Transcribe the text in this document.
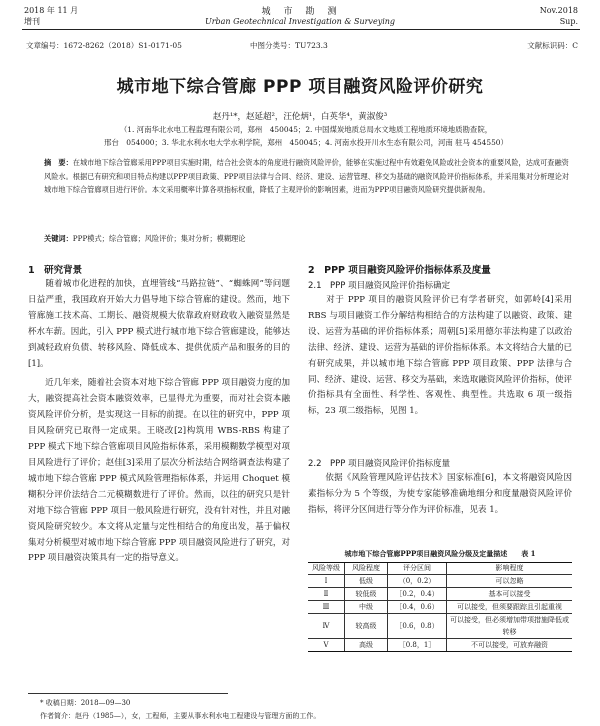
2018 年 11 月
增刊
城　市　勘　测
Urban Geotechnical Investigation & Surveying
Nov.2018
Sup.
文章编号：1672-8262（2018）S1-0171-05	中图分类号：TU723.3	文献标识码：C
城市地下综合管廊 PPP 项目融资风险评价研究
赵丹¹*，赵延超²，汪伦炳¹，白英华⁴，黄淑俊³
（1. 河南华北水电工程监理有限公司，郑州　450045；2. 中国煤炭地质总局水文地质工程地质环境地质勘查院，
邢台　054000；3. 华北水利水电大学水利学院，郑州　450045；4. 河南水投开川水生态有限公司，河南 驻马 454550）
摘　要：在城市地下综合管廊采用PPP项目实施时期，结合社会资本的角度进行融资风险评价，能够在实施过程中有效避免风险或社会资本的重要风险，达成可查融资风险水。根据已有研究和项目特点构建以PPP项目政策、PPP项目法律与合同、经济、建设、运营管理、移交为基础的融资风险评价指标体系，并采用集对分析理论对城市地下综合管廊项目进行评价。本文采用概率计算各项指标权重，降低了主观评价的影响因素，进而为PPP项目融资风险研究提供新视角。
关键词：PPP模式；综合管廊；风险评价；集对分析；模糊理论
1　研究背景

　　随着城市化进程的加快，直埋管线“马路拉链”、“蜘蛛网”等问题日益严重，我国政府开始大力倡导地下综合管廊的建设。然而，地下管廊施工技术高、工期长、融资规模大依靠政府财政收入融资显然是杯水车薪。因此，引入 PPP 模式进行城市地下综合管廊建设，能够达到减轻政府负债、转移风险、降低成本、提供优质产品和服务的目的[1]。

　　近几年来，随着社会资本对地下综合管廊 PPP 项目融资力度的加大，融资提高社会资本融资效率，已显得尤为重要，而对社会资本融资风险评价分析，是实现这一目标的前提。在以往的研究中，PPP 项目风险研究已取得一定成果。王晓改[2]构筑用 WBS-RBS 构建了 PPP 模式下地下综合管廊项目风险指标体系，采用模糊数学模型对项目风险进行了评价；赵佳[3]采用了层次分析法结合网络调查法构建了城市地下综合管廊 PPP 模式风险管理指标体系，并运用 Choquet 模糊积分评价法结合二元模糊数进行了评价。然而，以往的研究只是针对地下综合管廊 PPP 项目一般风险进行研究，没有针对性，并且对融资风险研究较少。本文将从定量与定性相结合的角度出发，基于偏权集对分析模型对城市地下综合管廊 PPP 项目融资风险进行了研究，对 PPP 项目融资决策具有一定的指导意义。

2　PPP 项目融资风险评价指标体系及度量
2.1　PPP 项目融资风险评价指标确定
　　对于 PPP 项目的融资风险评价已有学者研究，如郭岭[4]采用 RBS 与项目融资工作分解结构相结合的方法构建了以融资、政策、建设、运营为基础的评价指标体系；周朝[5]采用德尔菲法构建了以政治法律、经济、建设、运营为基础的评价指标体系。本文将结合大量的已有研究成果，并以城市地下综合管廊 PPP 项目政策、PPP 法律与合同、经济、建设、运营、移交为基础，来选取融资风险评价指标，使评价指标具有全面性、科学性、客观性、典型性。共选取 6 项一级指标，23 项二级指标，见图 1。
2.2　PPP 项目融资风险评价指标度量
　　依据《风险管理风险评估技术》国家标准[6]，本文将融资风险因素指标分为 5 个等级，为使专家能够准确地细分和度量融资风险评价指标，将评分区间进行等分作为评价标准，见表 1。
城市地下综合管廊PPP项目融资风险分级及定量描述　　表 1
风险等级	风险程度	评分区间	影响程度
Ⅰ	低级	（0，0.2）	可以忽略
Ⅱ	较低级	［0.2，0.4）	基本可以接受
Ⅲ	中级	［0.4，0.6）	可以接受，但须要跟踪且引起重视
Ⅳ	较高级	［0.6，0.8）	可以接受，但必须增加带项措施降低或转移
Ⅴ	高级	［0.8，1］	不可以接受，可放弃融资
* 收稿日期：2018—09—30
作者简介：赵丹（1985—），女，工程师，主要从事水利水电工程建设与管理方面的工作。
